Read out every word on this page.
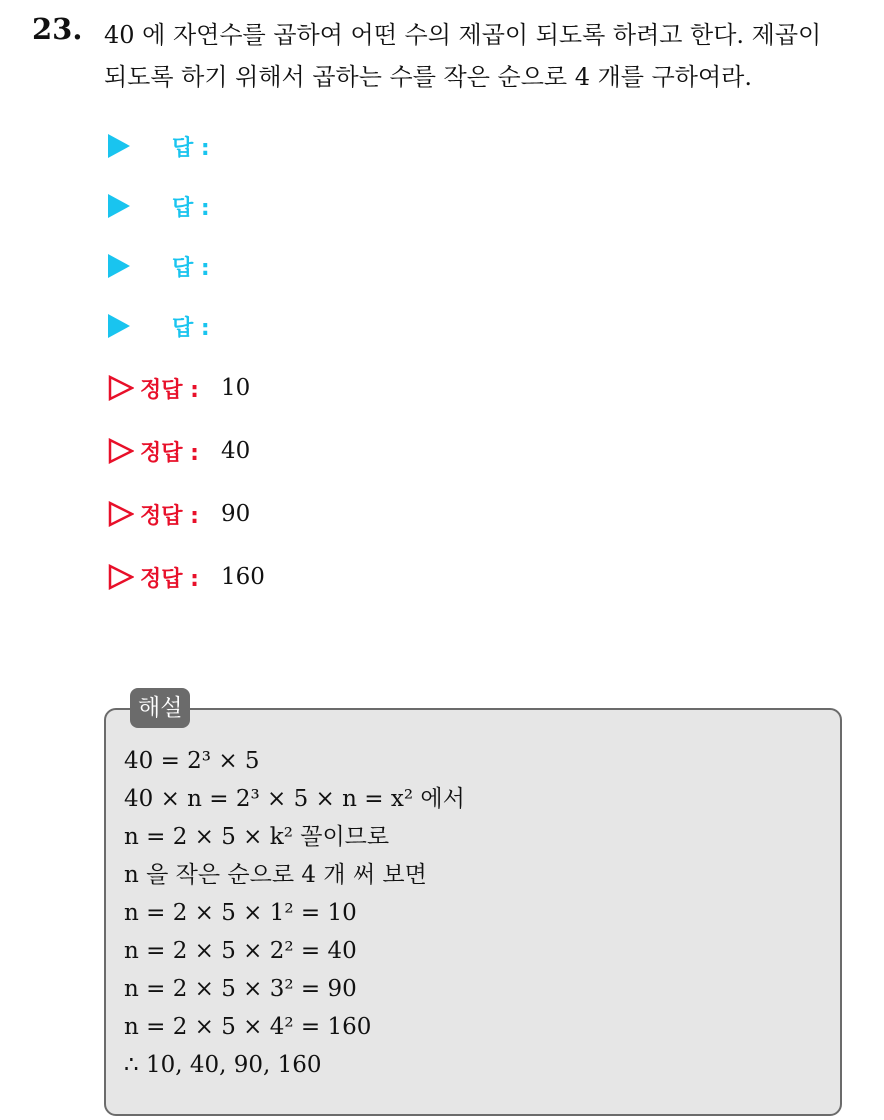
23. 40 에 자연수를 곱하여 어떤 수의 제곱이 되도록 하려고 한다. 제곱이
되도록 하기 위해서 곱하는 수를 작은 순으로 4 개를 구하여라.
답 :
답 :
답 :
답 :
정답 : 10
정답 : 40
정답 : 90
정답 : 160
해설
40 = 2³ × 5
40 × n = 2³ × 5 × n = x² 에서
n = 2 × 5 × k² 꼴이므로
n 을 작은 순으로 4 개 써 보면
n = 2 × 5 × 1² = 10
n = 2 × 5 × 2² = 40
n = 2 × 5 × 3² = 90
n = 2 × 5 × 4² = 160
∴ 10, 40, 90, 160
